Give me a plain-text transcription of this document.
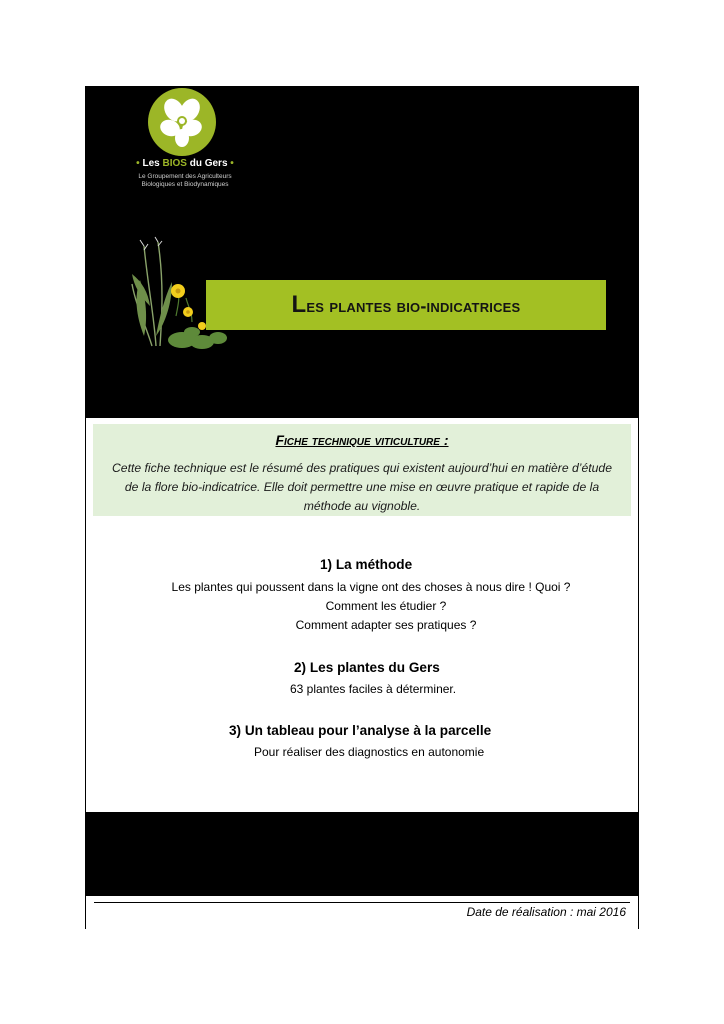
• Les BIOS du Gers •
Le Groupement des Agriculteurs
Biologiques et Biodynamiques
Les plantes bio-indicatrices
Fiche technique viticulture :
Cette fiche technique est le résumé des pratiques qui existent aujourd’hui en matière d’étude de la flore bio-indicatrice. Elle doit permettre une mise en œuvre pratique et rapide de la méthode au vignoble.
1) La méthode
Les plantes qui poussent dans la vigne ont des choses à nous dire ! Quoi ?
Comment les étudier ?
Comment adapter ses pratiques ?
2) Les plantes du Gers
63 plantes faciles à déterminer.
3) Un tableau pour l’analyse à la parcelle
Pour réaliser des diagnostics en autonomie
Date de réalisation : mai 2016
